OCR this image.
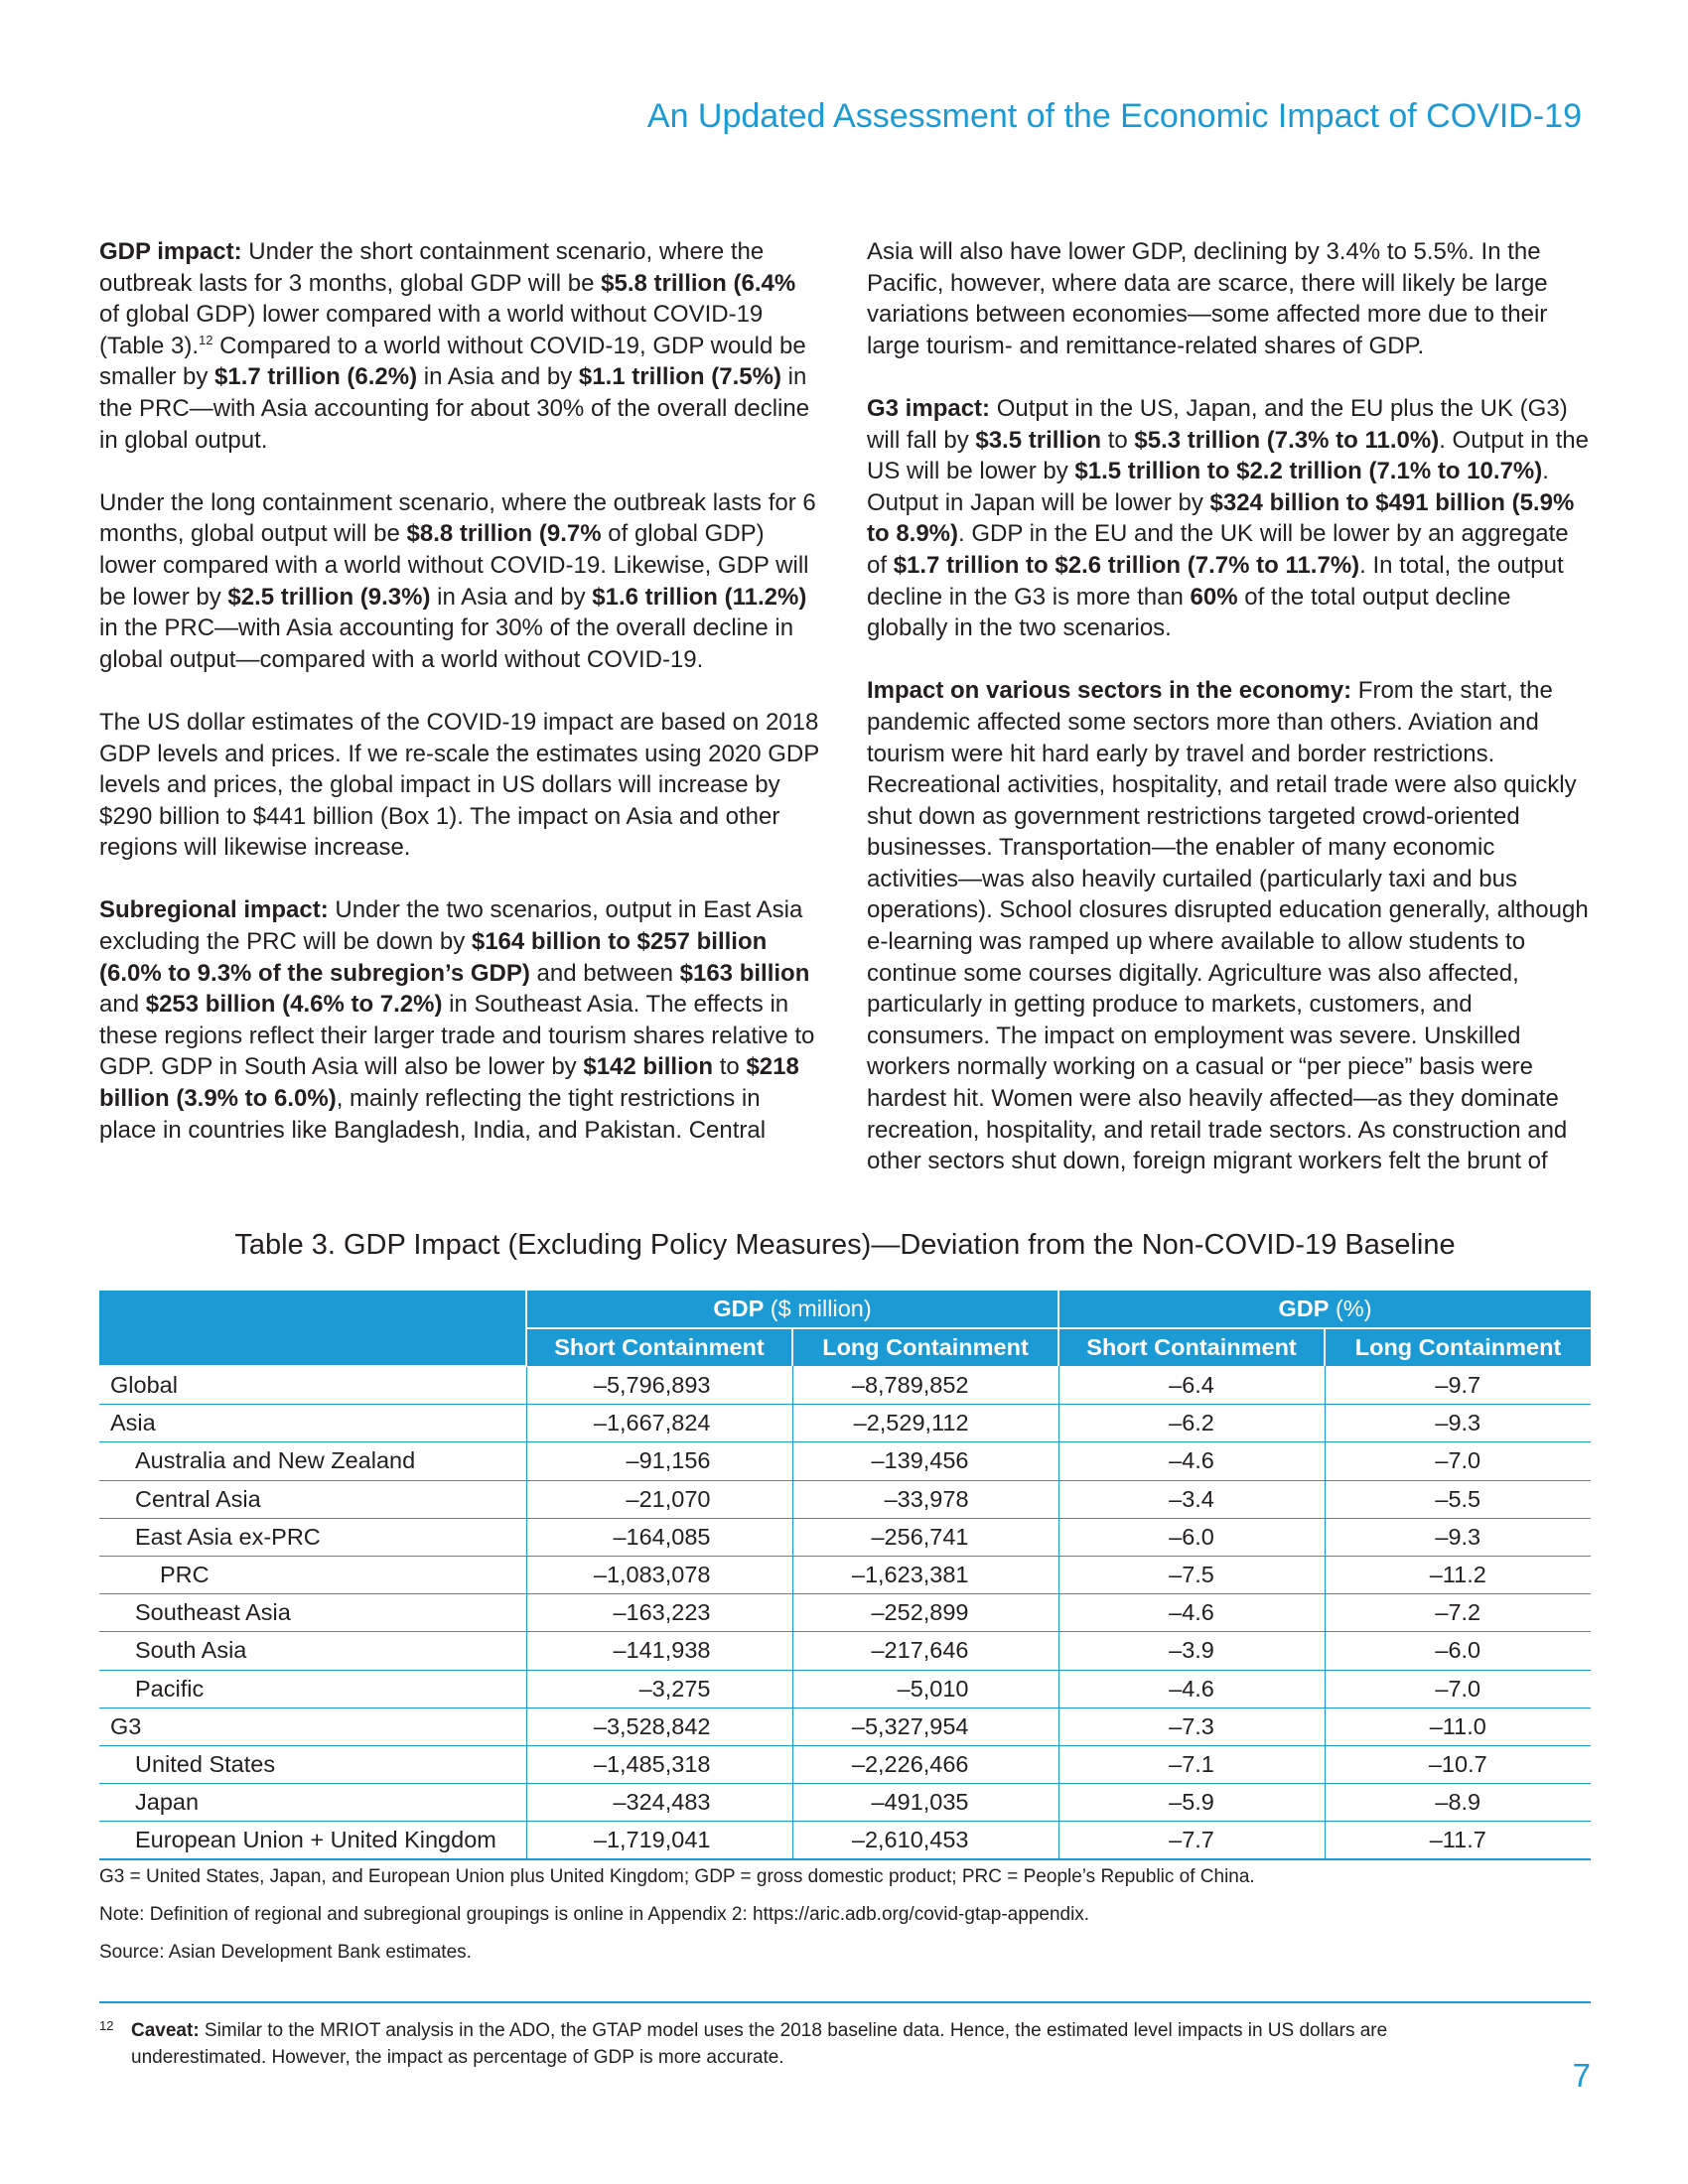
An Updated Assessment of the Economic Impact of COVID-19

GDP impact: Under the short containment scenario, where the outbreak lasts for 3 months, global GDP will be $5.8 trillion (6.4% of global GDP) lower compared with a world without COVID-19 (Table 3).$^{12}$ Compared to a world without COVID-19, GDP would be smaller by $1.7 trillion (6.2%) in Asia and by $1.1 trillion (7.5%) in the PRC—with Asia accounting for about 30% of the overall decline in global output.

Under the long containment scenario, where the outbreak lasts for 6 months, global output will be $8.8 trillion (9.7% of global GDP) lower compared with a world without COVID-19. Likewise, GDP will be lower by $2.5 trillion (9.3%) in Asia and by $1.6 trillion (11.2%) in the PRC—with Asia accounting for 30% of the overall decline in global output—compared with a world without COVID-19.

The US dollar estimates of the COVID-19 impact are based on 2018 GDP levels and prices. If we re-scale the estimates using 2020 GDP levels and prices, the global impact in US dollars will increase by $290 billion to $441 billion (Box 1). The impact on Asia and other regions will likewise increase.

Subregional impact: Under the two scenarios, output in East Asia excluding the PRC will be down by $164 billion to $257 billion (6.0% to 9.3% of the subregion’s GDP) and between $163 billion and $253 billion (4.6% to 7.2%) in Southeast Asia. The effects in these regions reflect their larger trade and tourism shares relative to GDP. GDP in South Asia will also be lower by $142 billion to $218 billion (3.9% to 6.0%), mainly reflecting the tight restrictions in place in countries like Bangladesh, India, and Pakistan. Central

Asia will also have lower GDP, declining by 3.4% to 5.5%. In the Pacific, however, where data are scarce, there will likely be large variations between economies—some affected more due to their large tourism- and remittance-related shares of GDP.

G3 impact: Output in the US, Japan, and the EU plus the UK (G3) will fall by $3.5 trillion to $5.3 trillion (7.3% to 11.0%). Output in the US will be lower by $1.5 trillion to $2.2 trillion (7.1% to 10.7%). Output in Japan will be lower by $324 billion to $491 billion (5.9% to 8.9%). GDP in the EU and the UK will be lower by an aggregate of $1.7 trillion to $2.6 trillion (7.7% to 11.7%). In total, the output decline in the G3 is more than 60% of the total output decline globally in the two scenarios.

Impact on various sectors in the economy: From the start, the pandemic affected some sectors more than others. Aviation and tourism were hit hard early by travel and border restrictions. Recreational activities, hospitality, and retail trade were also quickly shut down as government restrictions targeted crowd-oriented businesses. Transportation—the enabler of many economic activities—was also heavily curtailed (particularly taxi and bus operations). School closures disrupted education generally, although e-learning was ramped up where available to allow students to continue some courses digitally. Agriculture was also affected, particularly in getting produce to markets, customers, and consumers. The impact on employment was severe. Unskilled workers normally working on a casual or “per piece” basis were hardest hit. Women were also heavily affected—as they dominate recreation, hospitality, and retail trade sectors. As construction and other sectors shut down, foreign migrant workers felt the brunt of

Table 3. GDP Impact (Excluding Policy Measures)—Deviation from the Non-COVID-19 Baseline
	GDP ($ million)		GDP (%)	
	Short Containment	Long Containment	Short Containment	Long Containment
Global	–5,796,893	–8,789,852	–6.4	–9.7
Asia	–1,667,824	–2,529,112	–6.2	–9.3
Australia and New Zealand	–91,156	–139,456	–4.6	–7.0
Central Asia	–21,070	–33,978	–3.4	–5.5
East Asia ex-PRC	–164,085	–256,741	–6.0	–9.3
PRC	–1,083,078	–1,623,381	–7.5	–11.2
Southeast Asia	–163,223	–252,899	–4.6	–7.2
South Asia	–141,938	–217,646	–3.9	–6.0
Pacific	–3,275	–5,010	–4.6	–7.0
G3	–3,528,842	–5,327,954	–7.3	–11.0
United States	–1,485,318	–2,226,466	–7.1	–10.7
Japan	–324,483	–491,035	–5.9	–8.9
European Union + United Kingdom	–1,719,041	–2,610,453	–7.7	–11.7
G3 = United States, Japan, and European Union plus United Kingdom; GDP = gross domestic product; PRC = People’s Republic of China.
Note: Definition of regional and subregional groupings is online in Appendix 2: https://aric.adb.org/covid-gtap-appendix.
Source: Asian Development Bank estimates.
12 Caveat: Similar to the MRIOT analysis in the ADO, the GTAP model uses the 2018 baseline data. Hence, the estimated level impacts in US dollars are underestimated. However, the impact as percentage of GDP is more accurate.	7
